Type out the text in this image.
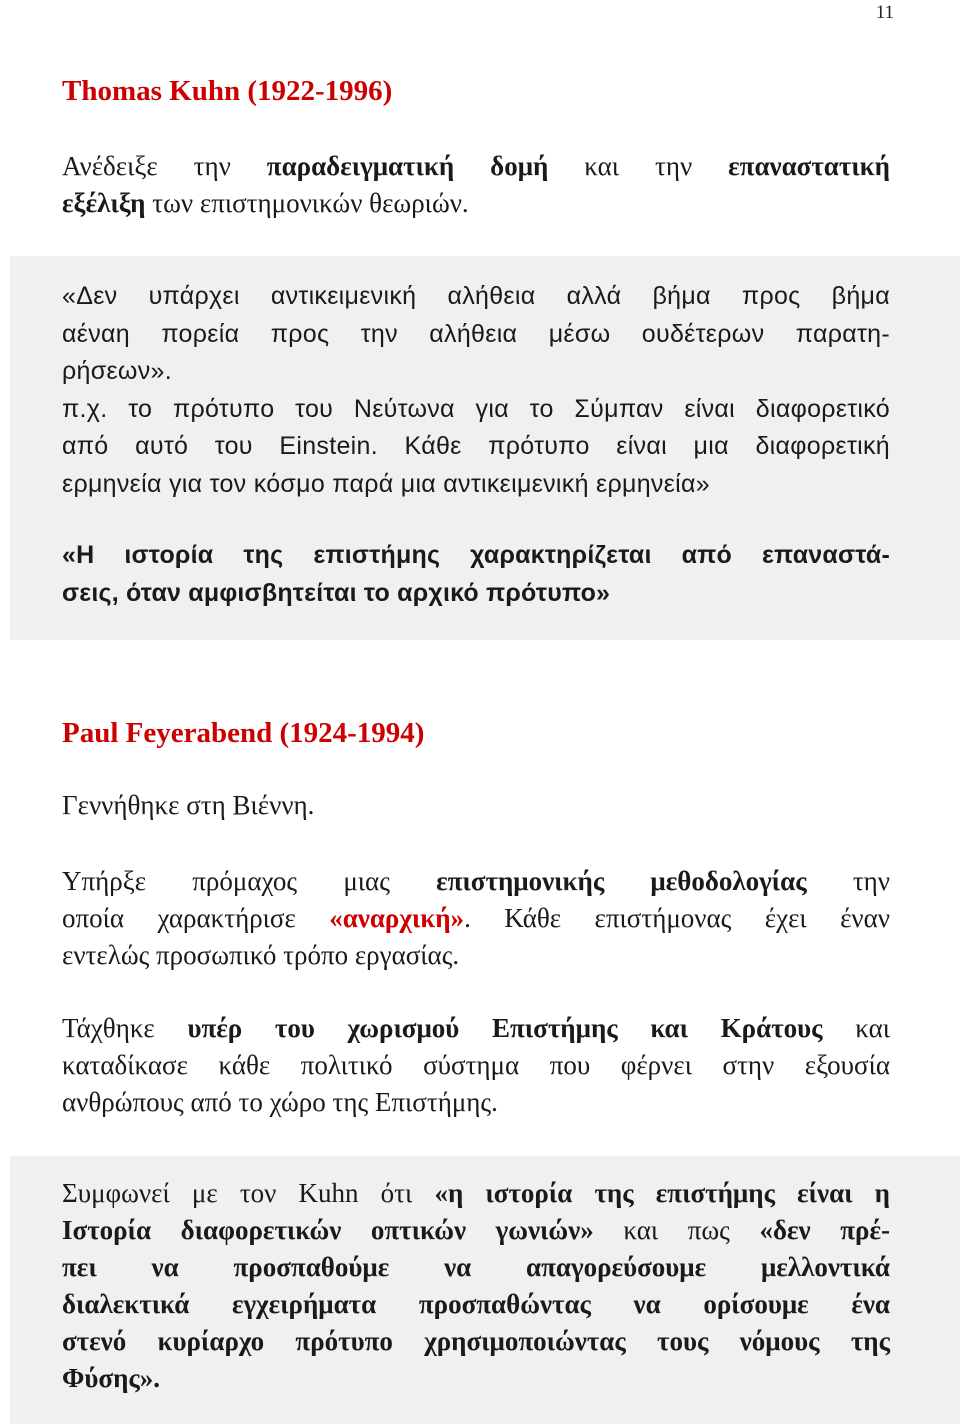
11
Thomas Kuhn (1922-1996)
Ανέδειξε την παραδειγματική δομή και την επαναστατική
εξέλιξη των επιστημονικών θεωριών.
«Δεν υπάρχει αντικειμενική αλήθεια αλλά βήμα προς βήμα
αέναη πορεία προς την αλήθεια μέσω ουδέτερων παρατη-
ρήσεων».
π.χ. το πρότυπο του Νεύτωνα για το Σύμπαν είναι διαφορετικό
από αυτό του Einstein. Κάθε πρότυπο είναι μια διαφορετική
ερμηνεία για τον κόσμο παρά μια αντικειμενική ερμηνεία»
«Η ιστορία της επιστήμης χαρακτηρίζεται από επαναστά-
σεις, όταν αμφισβητείται το αρχικό πρότυπο»
Paul Feyerabend (1924-1994)
Γεννήθηκε στη Βιέννη.
Υπήρξε πρόμαχος μιας επιστημονικής μεθοδολογίας την
οποία χαρακτήρισε «αναρχική». Κάθε επιστήμονας έχει έναν
εντελώς προσωπικό τρόπο εργασίας.
Τάχθηκε υπέρ του χωρισμού Επιστήμης και Κράτους και
καταδίκασε κάθε πολιτικό σύστημα που φέρνει στην εξουσία
ανθρώπους από το χώρο της Επιστήμης.
Συμφωνεί με τον Kuhn ότι «η ιστορία της επιστήμης είναι η
Ιστορία διαφορετικών οπτικών γωνιών» και πως «δεν πρέ-
πει να προσπαθούμε να απαγορεύσουμε μελλοντικά
διαλεκτικά εγχειρήματα προσπαθώντας να ορίσουμε ένα
στενό κυρίαρχο πρότυπο χρησιμοποιώντας τους νόμους της
Φύσης».
